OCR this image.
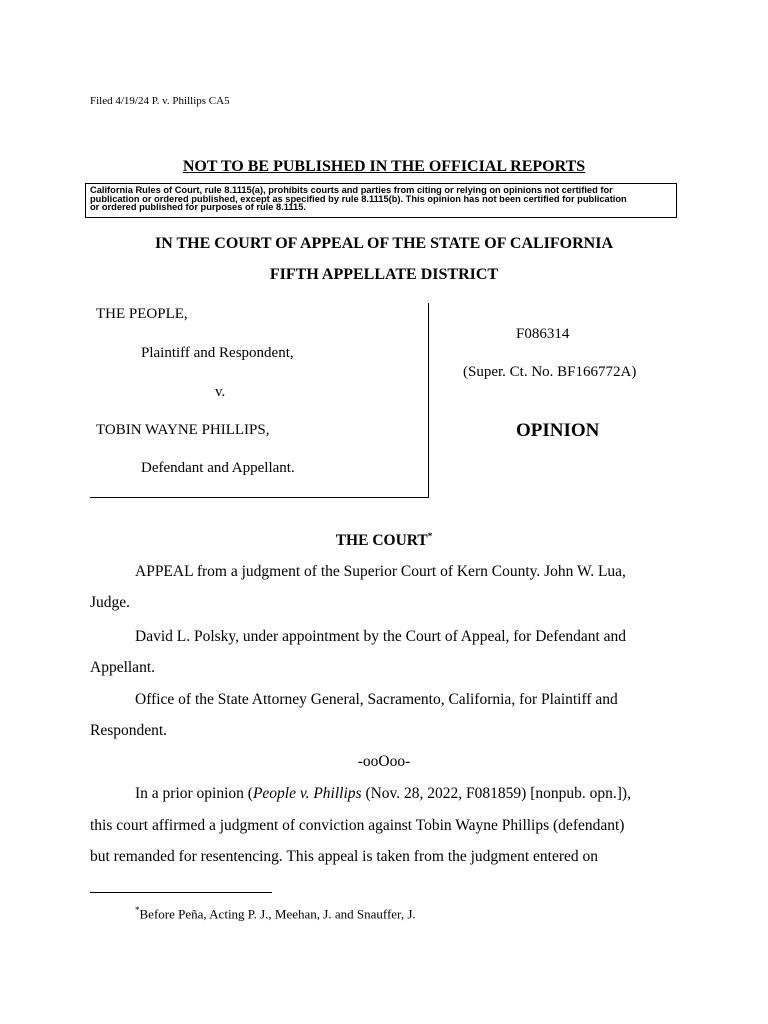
Filed 4/19/24 P. v. Phillips CA5
NOT TO BE PUBLISHED IN THE OFFICIAL REPORTS
California Rules of Court, rule 8.1115(a), prohibits courts and parties from citing or relying on opinions not certified for
publication or ordered published, except as specified by rule 8.1115(b). This opinion has not been certified for publication
or ordered published for purposes of rule 8.1115.
IN THE COURT OF APPEAL OF THE STATE OF CALIFORNIA
FIFTH APPELLATE DISTRICT
THE PEOPLE,
Plaintiff and Respondent,
v.
TOBIN WAYNE PHILLIPS,
Defendant and Appellant.
F086314
(Super. Ct. No. BF166772A)
OPINION
THE COURT*
APPEAL from a judgment of the Superior Court of Kern County. John W. Lua,
Judge.
David L. Polsky, under appointment by the Court of Appeal, for Defendant and
Appellant.
Office of the State Attorney General, Sacramento, California, for Plaintiff and
Respondent.
-ooOoo-
In a prior opinion (People v. Phillips (Nov. 28, 2022, F081859) [nonpub. opn.]),
this court affirmed a judgment of conviction against Tobin Wayne Phillips (defendant)
but remanded for resentencing. This appeal is taken from the judgment entered on
*Before Peña, Acting P. J., Meehan, J. and Snauffer, J.
